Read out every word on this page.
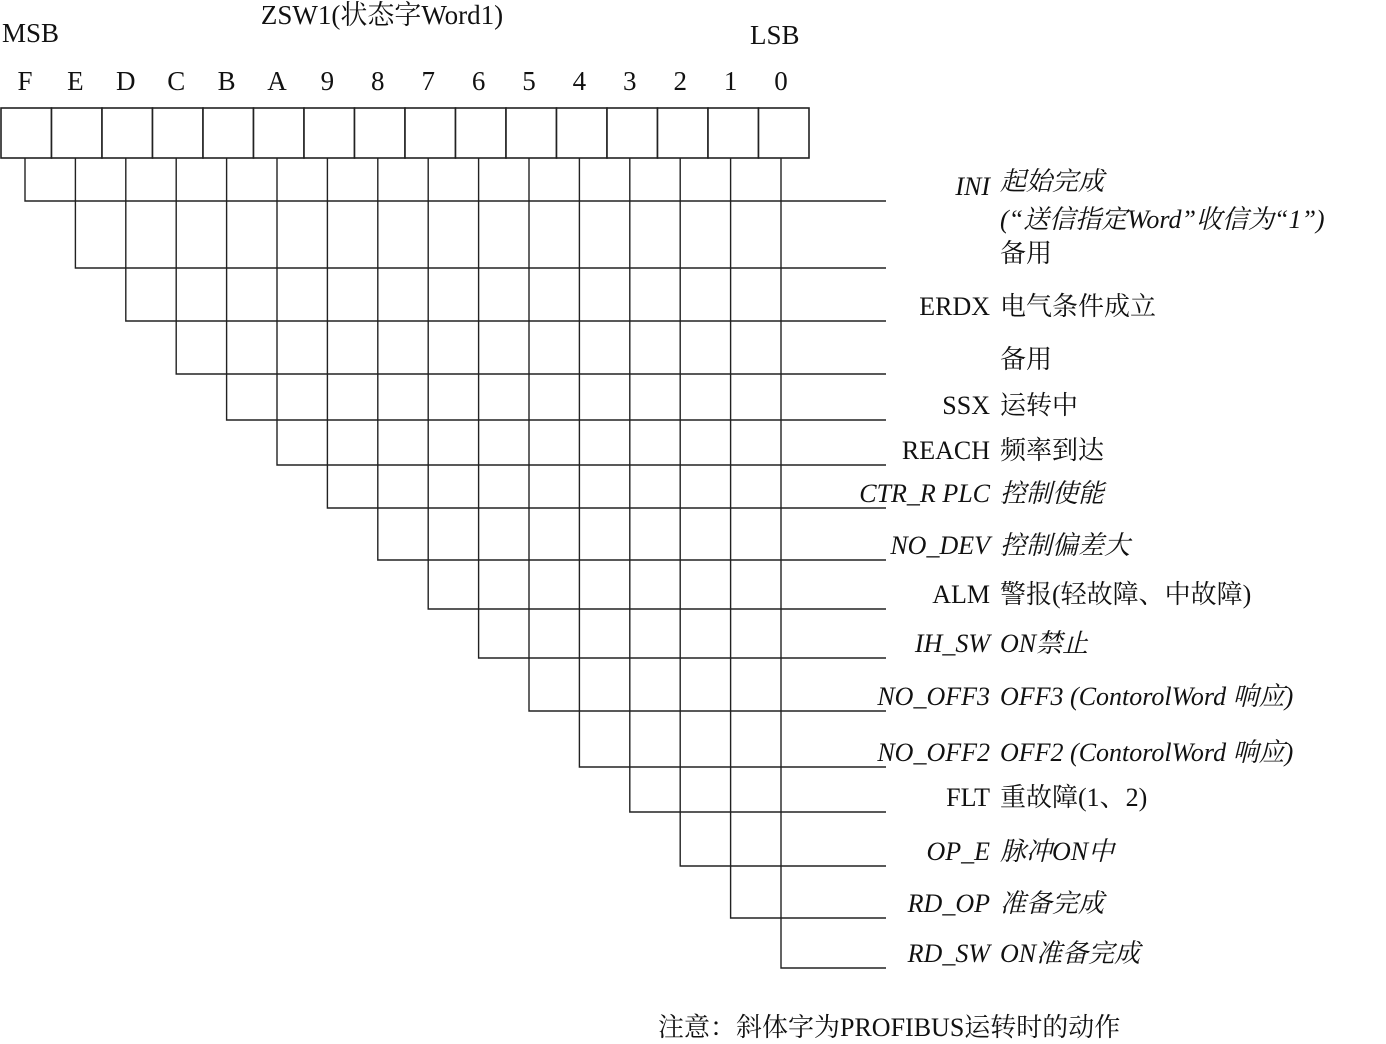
ZSW1(状态字Word1)
MSB	LSB
F E D C B A 9 8 7 6 5 4 3 2 1 0
INI 起始完成
(“送信指定Word”收信为“1”)
备用
ERDX 电气条件成立
备用
SSX 运转中
REACH 频率到达
CTR_R PLC 控制使能
NO_DEV 控制偏差大
ALM 警报(轻故障、中故障)
IH_SW ON禁止
NO_OFF3 OFF3 (ContorolWord 响应)
NO_OFF2 OFF2 (ContorolWord 响应)
FLT 重故障(1、2)
OP_E 脉冲ON中
RD_OP 准备完成
RD_SW ON准备完成
注意：斜体字为PROFIBUS运转时的动作
